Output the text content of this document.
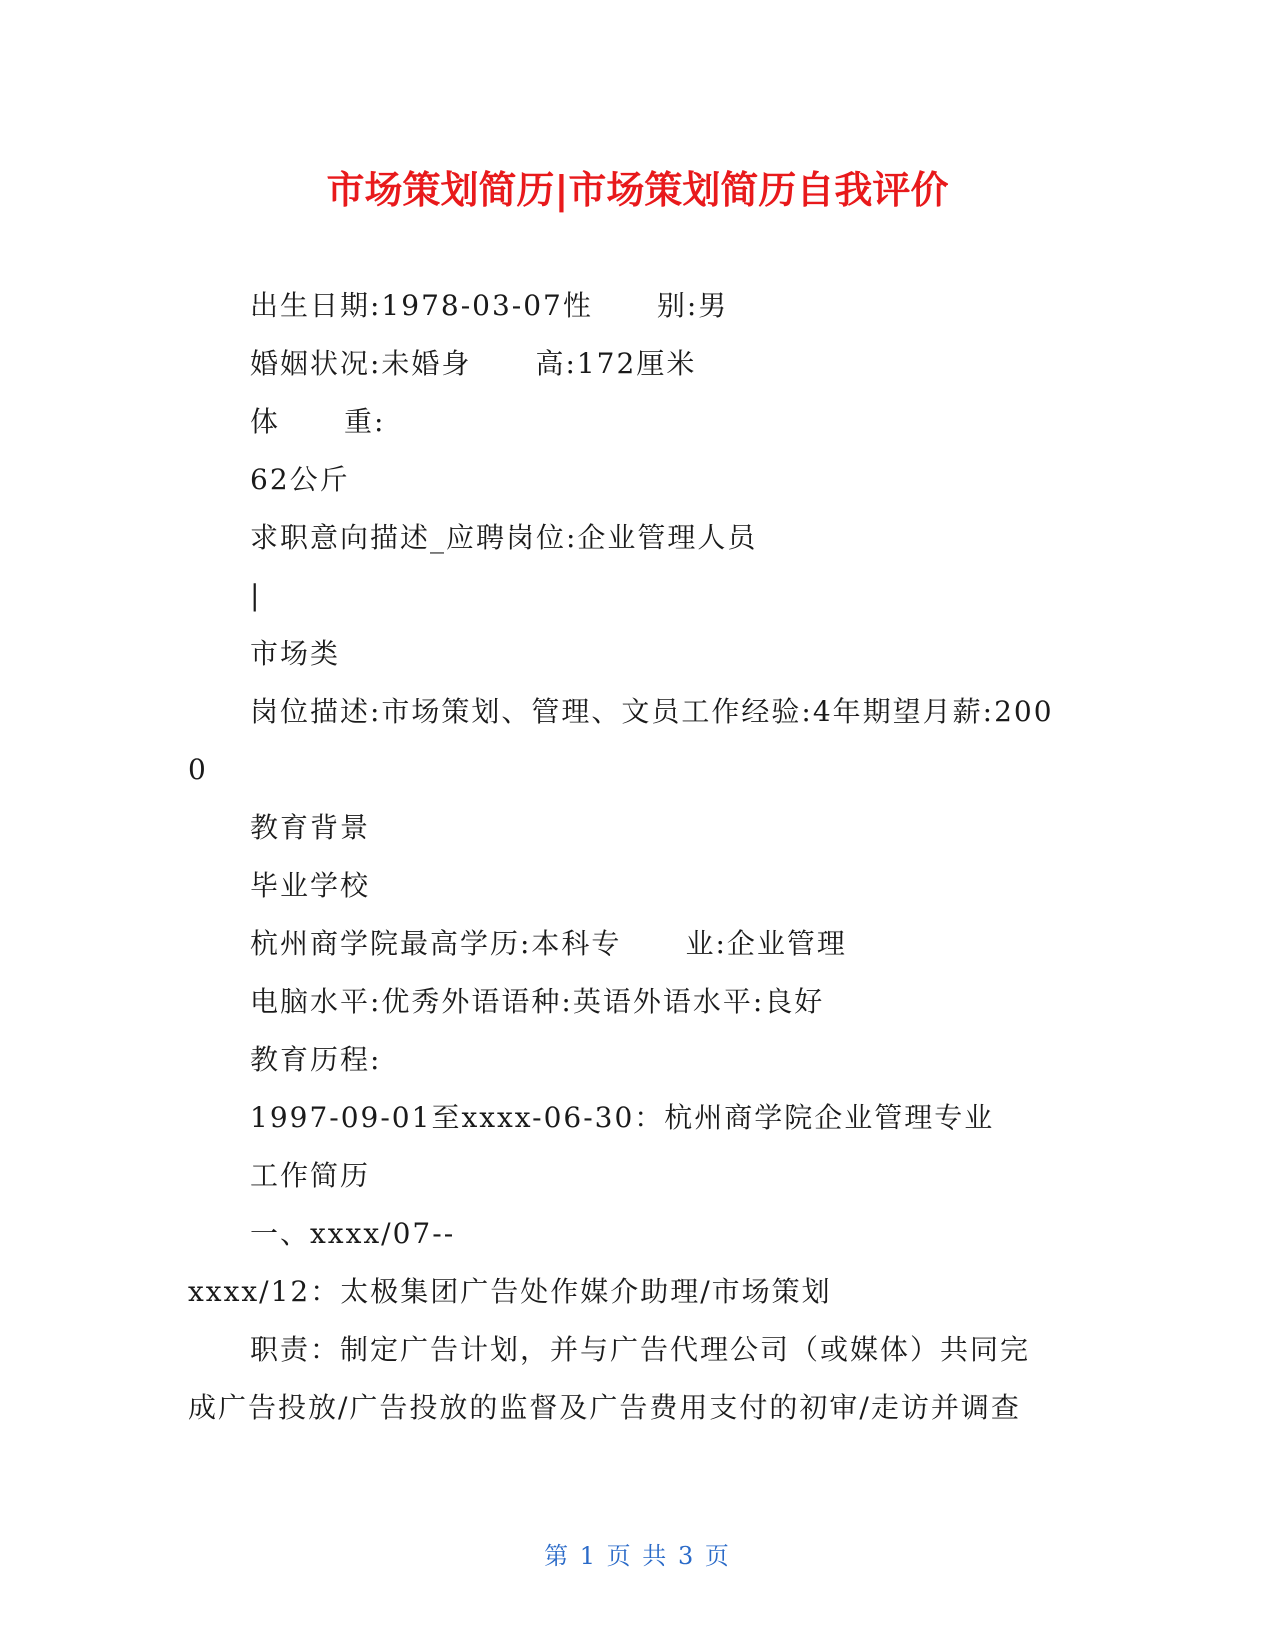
市场策划简历|市场策划简历自我评价
出生日期:1978-03-07性 别:男
婚姻状况:未婚身 高:172厘米
体 重:
62公斤
求职意向描述_应聘岗位:企业管理人员
|
市场类
岗位描述:市场策划、管理、文员工作经验:4年期望月薪:200
0
教育背景
毕业学校
杭州商学院最高学历:本科专 业:企业管理
电脑水平:优秀外语语种:英语外语水平:良好
教育历程:
1997-09-01至xxxx-06-30：杭州商学院企业管理专业
工作简历
一、xxxx/07--
xxxx/12：太极集团广告处作媒介助理/市场策划
职责：制定广告计划，并与广告代理公司（或媒体）共同完
成广告投放/广告投放的监督及广告费用支付的初审/走访并调查
第 1 页 共 3 页
